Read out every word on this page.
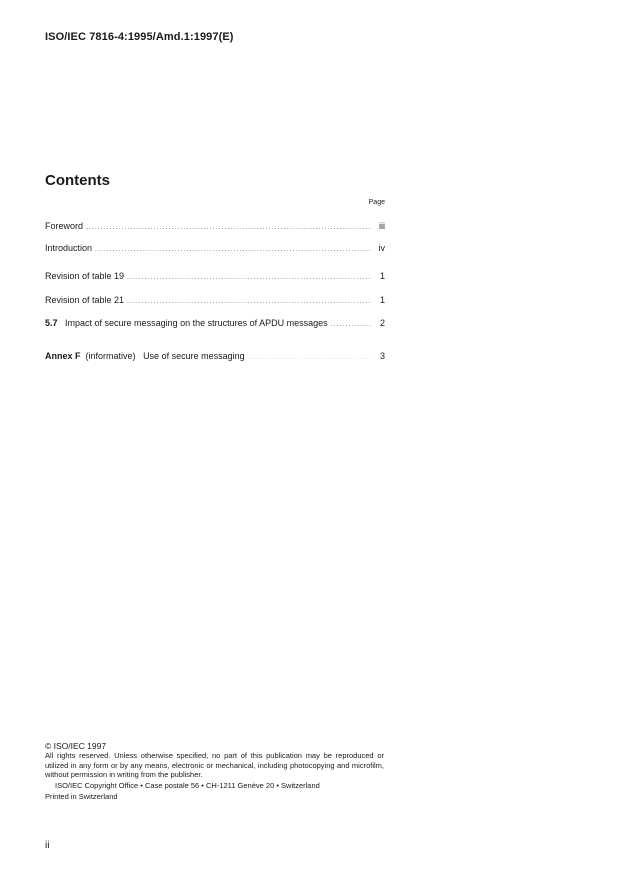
ISO/IEC 7816-4:1995/Amd.1:1997(E)
Contents
Page
Foreword .....	iii
Introduction .....	iv
Revision of table 19 .....	1
Revision of table 21 .....	1
5.7 Impact of secure messaging on the structures of APDU messages .....	2
Annex F (informative) Use of secure messaging .....	3
© ISO/IEC 1997
All rights reserved. Unless otherwise specified, no part of this publication may be reproduced or utilized in any form or by any means, electronic or mechanical, including photocopying and microfilm, without permission in writing from the publisher.
ISO/IEC Copyright Office • Case postale 56 • CH-1211 Genève 20 • Switzerland
Printed in Switzerland
ii
